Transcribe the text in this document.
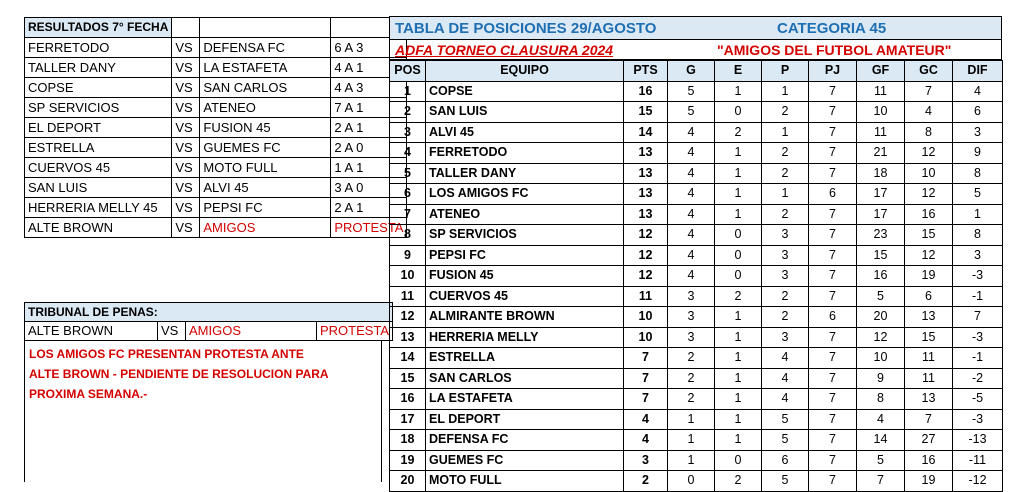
RESULTADOS 7° FECHA			
FERRETODO	VS	DEFENSA FC	6 A 3
TALLER DANY	VS	LA ESTAFETA	4 A 1
COPSE	VS	SAN CARLOS	4 A 3
SP SERVICIOS	VS	ATENEO	7 A 1
EL DEPORT	VS	FUSION 45	2 A 1
ESTRELLA	VS	GUEMES FC	2 A 0
CUERVOS 45	VS	MOTO FULL	1 A 1
SAN LUIS	VS	ALVI 45	3 A 0
HERRERIA MELLY 45	VS	PEPSI FC	2 A 1
ALTE BROWN	VS	AMIGOS	PROTESTA
TRIBUNAL DE PENAS:
ALTE BROWN	VS	AMIGOS	PROTESTA
LOS AMIGOS FC PRESENTAN PROTESTA ANTE
ALTE BROWN - PENDIENTE DE RESOLUCION PARA
PROXIMA SEMANA.-
TABLA DE POSICIONES 29/AGOSTO	CATEGORIA 45
ADFA TORNEO CLAUSURA 2024	"AMIGOS DEL FUTBOL AMATEUR"
POS	EQUIPO	PTS	G	E	P	PJ	GF	GC	DIF
1	COPSE	16	5	1	1	7	11	7	4
2	SAN LUIS	15	5	0	2	7	10	4	6
3	ALVI 45	14	4	2	1	7	11	8	3
4	FERRETODO	13	4	1	2	7	21	12	9
5	TALLER DANY	13	4	1	2	7	18	10	8
6	LOS AMIGOS FC	13	4	1	1	6	17	12	5
7	ATENEO	13	4	1	2	7	17	16	1
8	SP SERVICIOS	12	4	0	3	7	23	15	8
9	PEPSI FC	12	4	0	3	7	15	12	3
10	FUSION 45	12	4	0	3	7	16	19	-3
11	CUERVOS 45	11	3	2	2	7	5	6	-1
12	ALMIRANTE BROWN	10	3	1	2	6	20	13	7
13	HERRERIA MELLY	10	3	1	3	7	12	15	-3
14	ESTRELLA	7	2	1	4	7	10	11	-1
15	SAN CARLOS	7	2	1	4	7	9	11	-2
16	LA ESTAFETA	7	2	1	4	7	8	13	-5
17	EL DEPORT	4	1	1	5	7	4	7	-3
18	DEFENSA FC	4	1	1	5	7	14	27	-13
19	GUEMES FC	3	1	0	6	7	5	16	-11
20	MOTO FULL	2	0	2	5	7	7	19	-12
